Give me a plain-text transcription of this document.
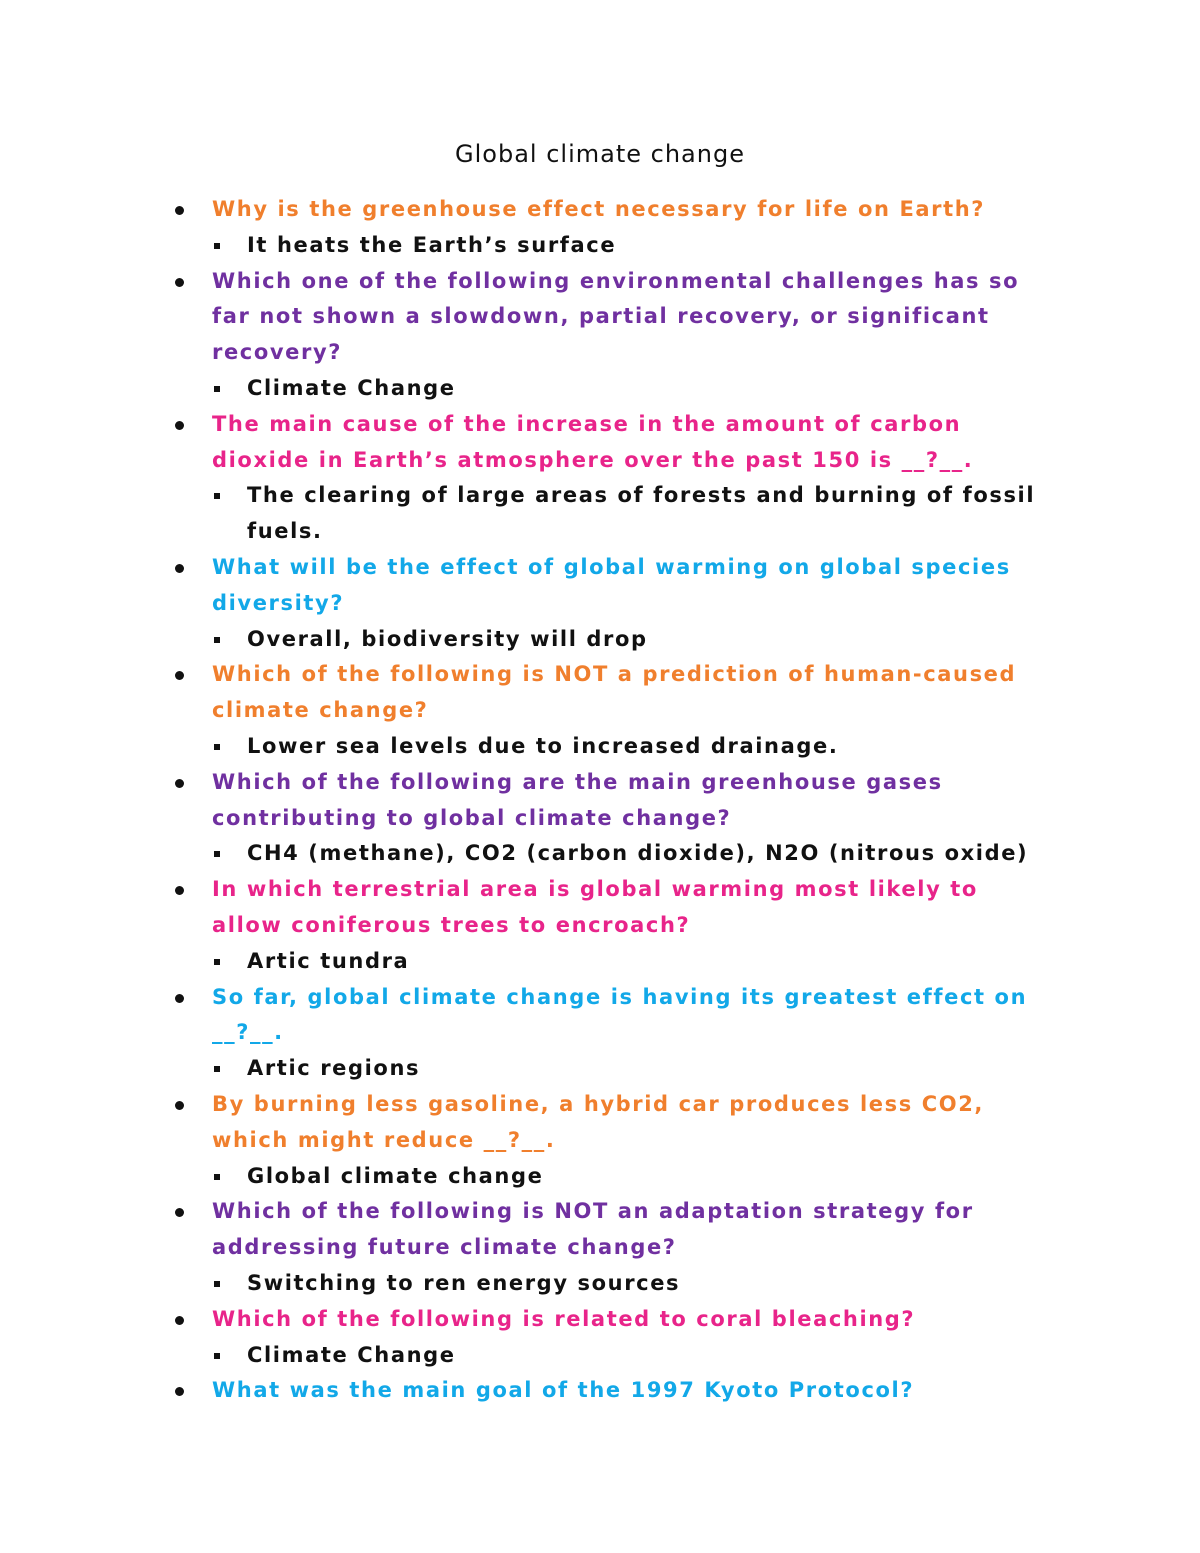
Global climate change
Why is the greenhouse effect necessary for life on Earth?
It heats the Earth’s surface
Which one of the following environmental challenges has so far not shown a slowdown, partial recovery, or significant recovery?
Climate Change
The main cause of the increase in the amount of carbon dioxide in Earth’s atmosphere over the past 150 is __?__.
The clearing of large areas of forests and burning of fossil fuels.
What will be the effect of global warming on global species diversity?
Overall, biodiversity will drop
Which of the following is NOT a prediction of human-caused climate change?
Lower sea levels due to increased drainage.
Which of the following are the main greenhouse gases contributing to global climate change?
CH4 (methane), CO2 (carbon dioxide), N2O (nitrous oxide)
In which terrestrial area is global warming most likely to allow coniferous trees to encroach?
Artic tundra
So far, global climate change is having its greatest effect on __?__.
Artic regions
By burning less gasoline, a hybrid car produces less CO2, which might reduce __?__.
Global climate change
Which of the following is NOT an adaptation strategy for addressing future climate change?
Switching to ren energy sources
Which of the following is related to coral bleaching?
Climate Change
What was the main goal of the 1997 Kyoto Protocol?
